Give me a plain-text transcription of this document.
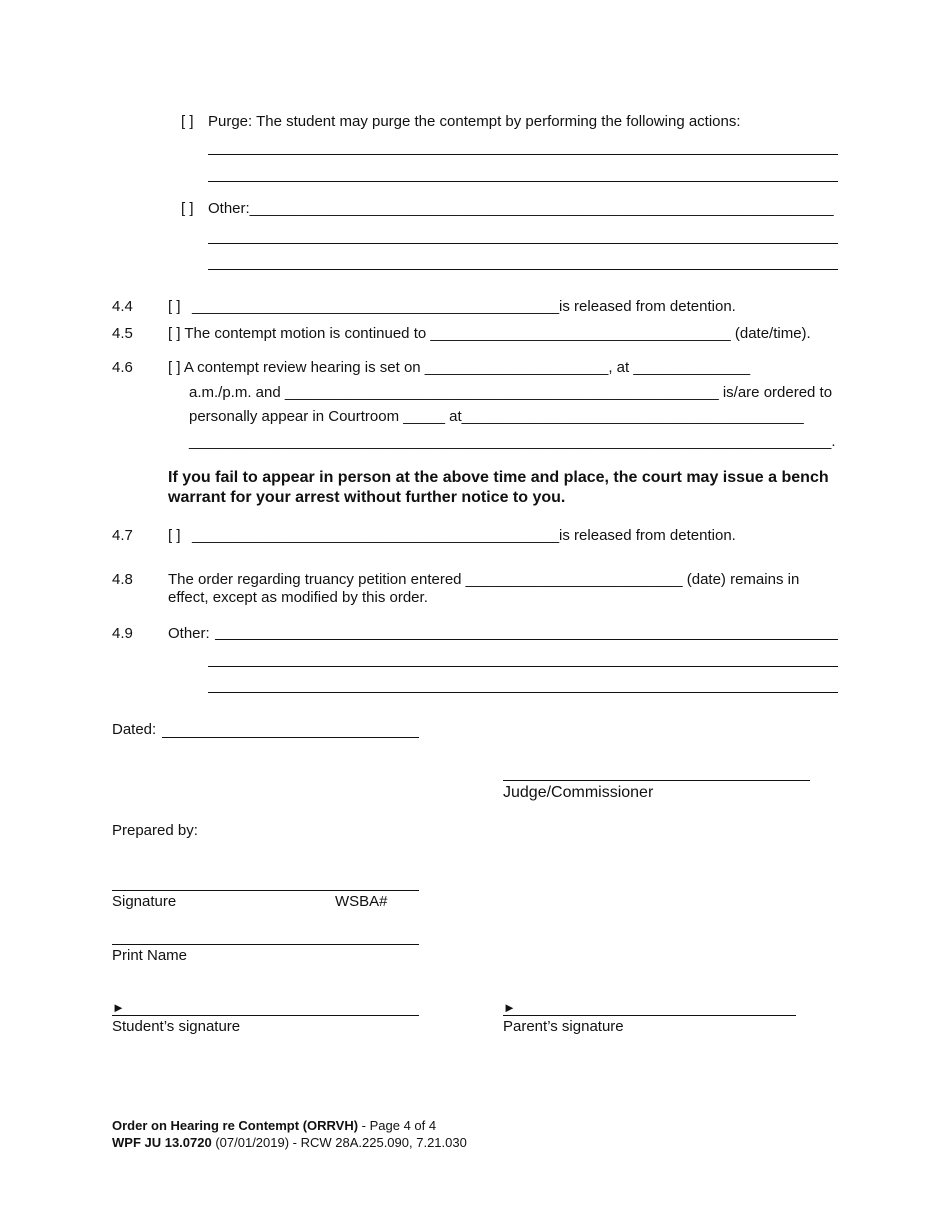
[ ] Purge: The student may purge the contempt by performing the following actions:
[ ] Other:______________________________________________________________________
4.4 [ ] ____________________________________________is released from detention.
4.5 [ ] The contempt motion is continued to ____________________________________ (date/time).
4.6 [ ] A contempt review hearing is set on ______________________, at ______________
a.m./p.m. and ____________________________________________________ is/are ordered to
personally appear in Courtroom _____ at_________________________________________
_____________________________________________________________________________.
If you fail to appear in person at the above time and place, the court may issue a bench warrant for your arrest without further notice to you.
4.7 [ ] ____________________________________________is released from detention.
4.8 The order regarding truancy petition entered __________________________ (date) remains in
effect, except as modified by this order.
4.9 Other:
Dated:
Judge/Commissioner
Prepared by:
Signature	WSBA#
Print Name
►
Student’s signature
►
Parent’s signature
Order on Hearing re Contempt (ORRVH) - Page 4 of 4
WPF JU 13.0720 (07/01/2019) - RCW 28A.225.090, 7.21.030
